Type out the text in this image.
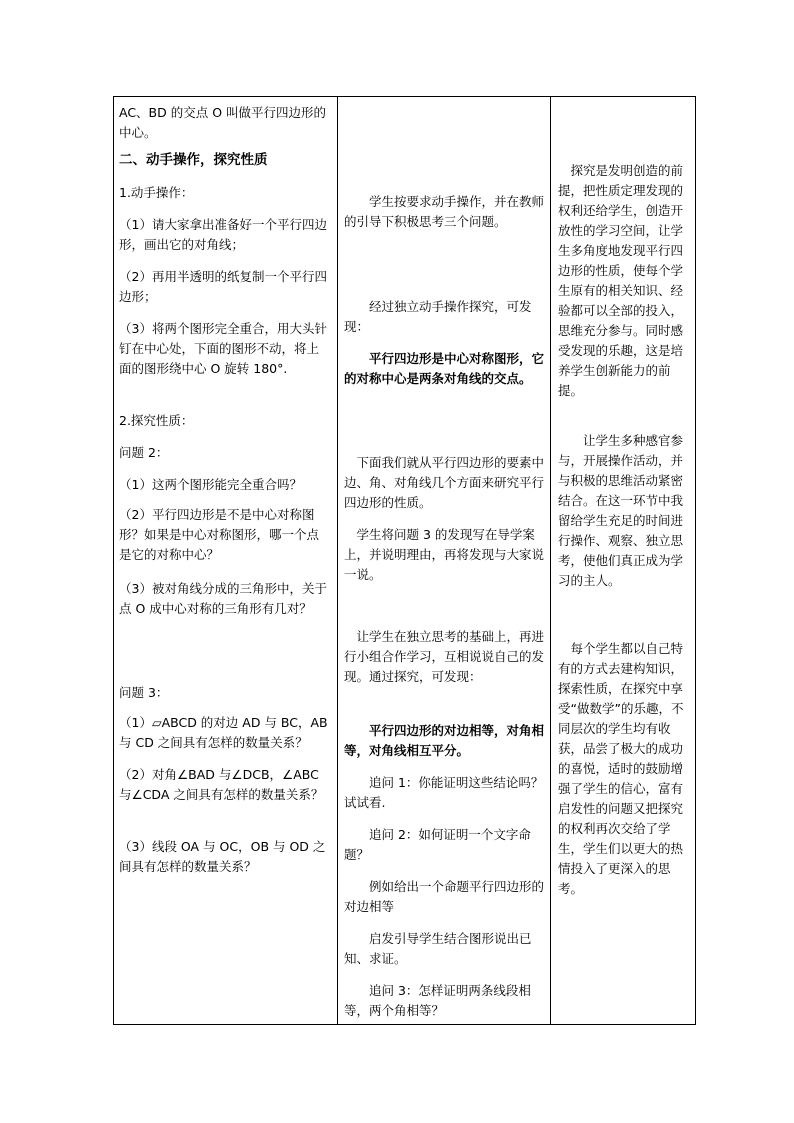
AC、BD 的交点 O 叫做平行四边形的中心。

二、动手操作，探究性质

1.动手操作：

（1）请大家拿出准备好一个平行四边形，画出它的对角线；

（2）再用半透明的纸复制一个平行四边形；

（3）将两个图形完全重合，用大头针钉在中心处，下面的图形不动，将上面的图形绕中心 O 旋转 180°.

2.探究性质：

问题 2：

（1）这两个图形能完全重合吗？

（2）平行四边形是不是中心对称图形？如果是中心对称图形，哪一个点是它的对称中心？

（3）被对角线分成的三角形中，关于点 O 成中心对称的三角形有几对？

问题 3：

（1）▱ABCD 的对边 AD 与 BC，AB 与 CD 之间具有怎样的数量关系？

（2）对角∠BAD 与∠DCB，∠ABC 与∠CDA 之间具有怎样的数量关系？

（3）线段 OA 与 OC，OB 与 OD 之间具有怎样的数量关系？

学生按要求动手操作，并在教师的引导下积极思考三个问题。

经过独立动手操作探究，可发现：

平行四边形是中心对称图形，它的对称中心是两条对角线的交点。

下面我们就从平行四边形的要素中边、角、对角线几个方面来研究平行四边形的性质。

学生将问题 3 的发现写在导学案上，并说明理由，再将发现与大家说一说。

让学生在独立思考的基础上，再进行小组合作学习，互相说说自己的发现。通过探究，可发现：

平行四边形的对边相等，对角相等，对角线相互平分。

追问 1：你能证明这些结论吗？试试看.

追问 2：如何证明一个文字命题？

例如给出一个命题平行四边形的对边相等

启发引导学生结合图形说出已知、求证。

追问 3：怎样证明两条线段相等，两个角相等？

探究是发明创造的前提，把性质定理发现的权利还给学生，创造开放性的学习空间，让学生多角度地发现平行四边形的性质，使每个学生原有的相关知识、经验都可以全部的投入，思维充分参与。同时感受发现的乐趣，这是培养学生创新能力的前提。

让学生多种感官参与，开展操作活动，并与积极的思维活动紧密结合。在这一环节中我留给学生充足的时间进行操作、观察、独立思考，使他们真正成为学习的主人。

每个学生都以自己特有的方式去建构知识，探索性质，在探究中享受“做数学”的乐趣，不同层次的学生均有收获，品尝了极大的成功的喜悦，适时的鼓励增强了学生的信心，富有启发性的问题又把探究的权利再次交给了学生，学生们以更大的热情投入了更深入的思考。
